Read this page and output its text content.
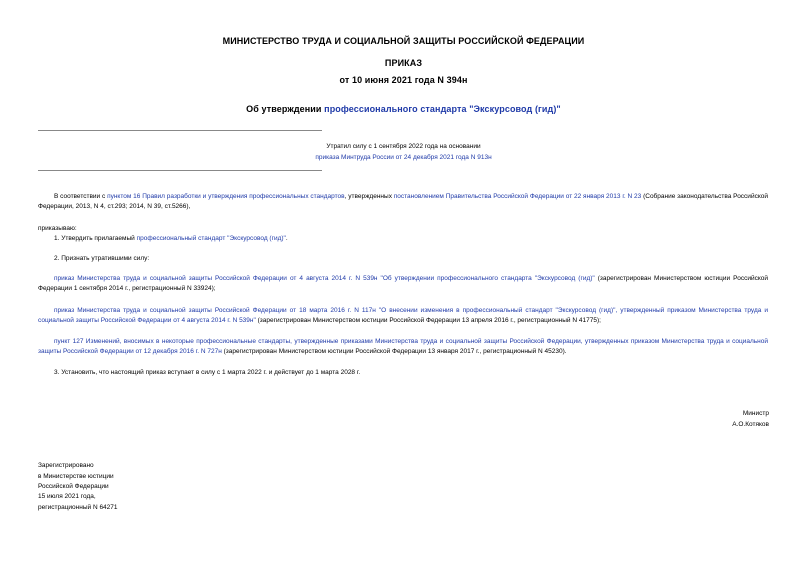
МИНИСТЕРСТВО ТРУДА И СОЦИАЛЬНОЙ ЗАЩИТЫ РОССИЙСКОЙ ФЕДЕРАЦИИ
ПРИКАЗ
от 10 июня 2021 года N 394н
Об утверждении профессионального стандарта "Экскурсовод (гид)"
Утратил силу с 1 сентября 2022 года на основании
приказа Минтруда России от 24 декабря 2021 года N 913н
В соответствии с пунктом 16 Правил разработки и утверждения профессиональных стандартов, утвержденных постановлением Правительства Российской Федерации от 22 января 2013 г. N 23 (Собрание законодательства Российской Федерации, 2013, N 4, ст.293; 2014, N 39, ст.5266),
приказываю:
1. Утвердить прилагаемый профессиональный стандарт "Экскурсовод (гид)".
2. Признать утратившими силу:
приказ Министерства труда и социальной защиты Российской Федерации от 4 августа 2014 г. N 539н "Об утверждении профессионального стандарта "Экскурсовод (гид)" (зарегистрирован Министерством юстиции Российской Федерации 1 сентября 2014 г., регистрационный N 33924);
приказ Министерства труда и социальной защиты Российской Федерации от 18 марта 2016 г. N 117н "О внесении изменения в профессиональный стандарт "Экскурсовод (гид)", утвержденный приказом Министерства труда и социальной защиты Российской Федерации от 4 августа 2014 г. N 539н" (зарегистрирован Министерством юстиции Российской Федерации 13 апреля 2016 г., регистрационный N 41775);
пункт 127 Изменений, вносимых в некоторые профессиональные стандарты, утвержденные приказами Министерства труда и социальной защиты Российской Федерации, утвержденных приказом Министерства труда и социальной защиты Российской Федерации от 12 декабря 2016 г. N 727н (зарегистрирован Министерством юстиции Российской Федерации 13 января 2017 г., регистрационный N 45230).
3. Установить, что настоящий приказ вступает в силу с 1 марта 2022 г. и действует до 1 марта 2028 г.
Министр
А.О.Котяков
Зарегистрировано
в Министерстве юстиции
Российской Федерации
15 июля 2021 года,
регистрационный N 64271
